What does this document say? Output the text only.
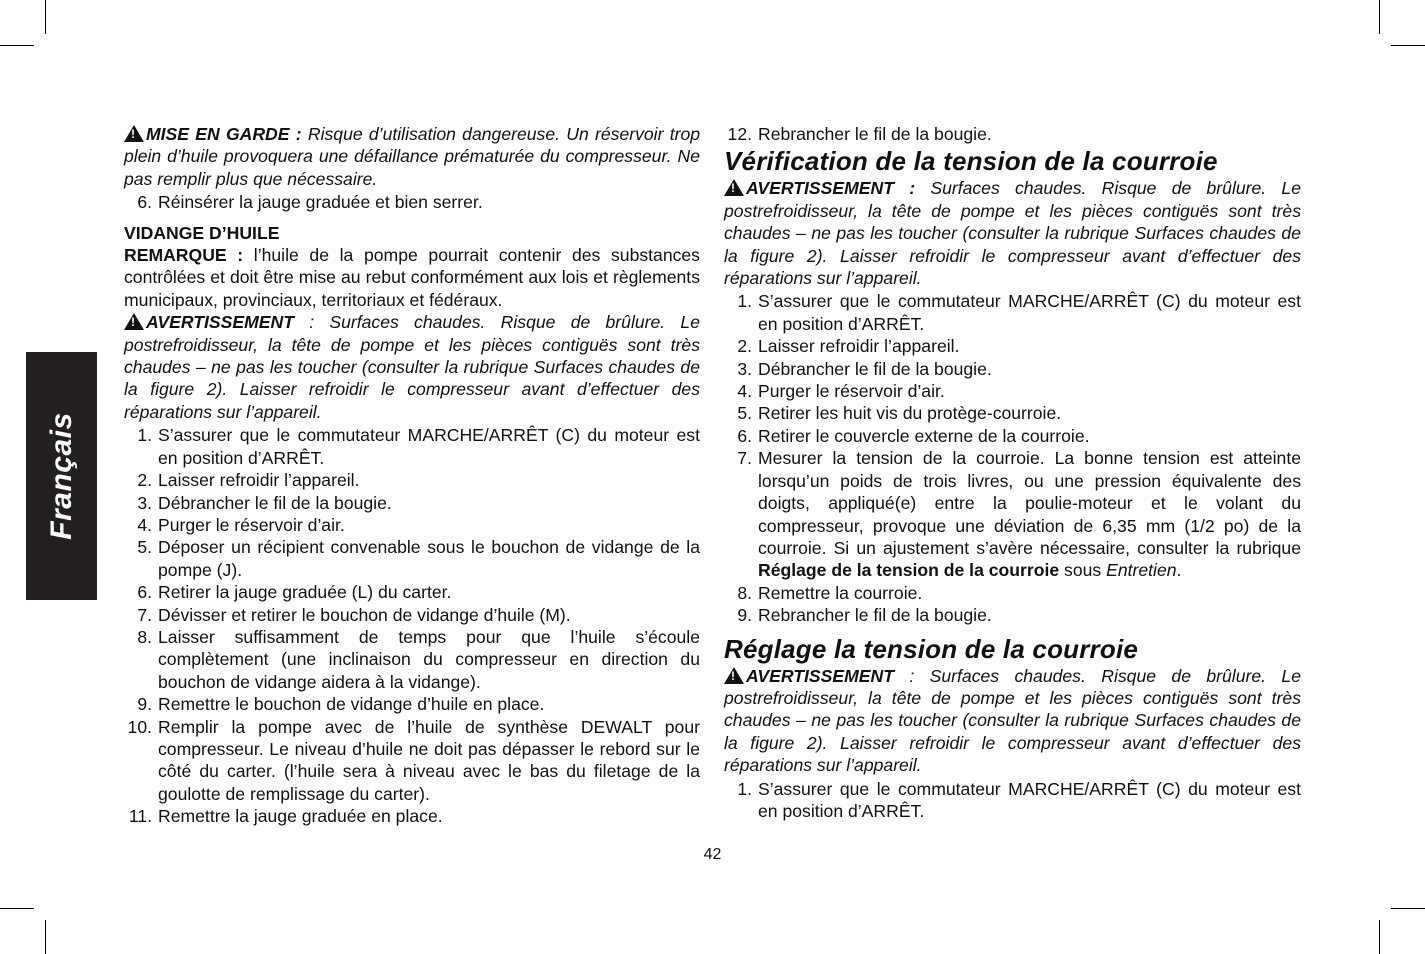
Français

!MISE EN GARDE : Risque d’utilisation dangereuse. Un réservoir trop plein d’huile provoquera une défaillance prématurée du compresseur. Ne pas remplir plus que nécessaire.

6. Réinsérer la jauge graduée et bien serrer.

VIDANGE D’HUILE

REMARQUE : l’huile de la pompe pourrait contenir des substances contrôlées et doit être mise au rebut conformément aux lois et règlements municipaux, provinciaux, territoriaux et fédéraux.

!AVERTISSEMENT : Surfaces chaudes. Risque de brûlure. Le postrefroidisseur, la tête de pompe et les pièces contiguës sont très chaudes – ne pas les toucher (consulter la rubrique Surfaces chaudes de la figure 2). Laisser refroidir le compresseur avant d’effectuer des réparations sur l’appareil.

1. S’assurer que le commutateur MARCHE/ARRÊT (C) du moteur est en position d’ARRÊT.
2. Laisser refroidir l’appareil.
3. Débrancher le fil de la bougie.
4. Purger le réservoir d’air.
5. Déposer un récipient convenable sous le bouchon de vidange de la pompe (J).
6. Retirer la jauge graduée (L) du carter.
7. Dévisser et retirer le bouchon de vidange d’huile (M).
8. Laisser suffisamment de temps pour que l’huile s’écoule complètement (une inclinaison du compresseur en direction du bouchon de vidange aidera à la vidange).
9. Remettre le bouchon de vidange d’huile en place.
10. Remplir la pompe avec de l’huile de synthèse DEWALT pour compresseur. Le niveau d’huile ne doit pas dépasser le rebord sur le côté du carter. (l’huile sera à niveau avec le bas du filetage de la goulotte de remplissage du carter).
11. Remettre la jauge graduée en place.
12. Rebrancher le fil de la bougie.
Vérification de la tension de la courroie

!AVERTISSEMENT : Surfaces chaudes. Risque de brûlure. Le postrefroidisseur, la tête de pompe et les pièces contiguës sont très chaudes – ne pas les toucher (consulter la rubrique Surfaces chaudes de la figure 2). Laisser refroidir le compresseur avant d’effectuer des réparations sur l’appareil.

1. S’assurer que le commutateur MARCHE/ARRÊT (C) du moteur est en position d’ARRÊT.
2. Laisser refroidir l’appareil.
3. Débrancher le fil de la bougie.
4. Purger le réservoir d’air.
5. Retirer les huit vis du protège-courroie.
6. Retirer le couvercle externe de la courroie.
7. Mesurer la tension de la courroie. La bonne tension est atteinte lorsqu’un poids de trois livres, ou une pression équivalente des doigts, appliqué(e) entre la poulie-moteur et le volant du compresseur, provoque une déviation de 6,35 mm (1/2 po) de la courroie. Si un ajustement s’avère nécessaire, consulter la rubrique Réglage de la tension de la courroie sous Entretien.
8. Remettre la courroie.
9. Rebrancher le fil de la bougie.
Réglage la tension de la courroie

!AVERTISSEMENT : Surfaces chaudes. Risque de brûlure. Le postrefroidisseur, la tête de pompe et les pièces contiguës sont très chaudes – ne pas les toucher (consulter la rubrique Surfaces chaudes de la figure 2). Laisser refroidir le compresseur avant d’effectuer des réparations sur l’appareil.

1. S’assurer que le commutateur MARCHE/ARRÊT (C) du moteur est en position d’ARRÊT.
42
